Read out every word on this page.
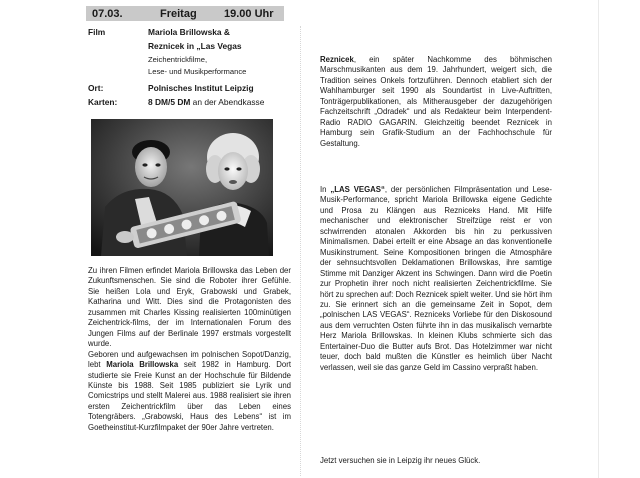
07.03.	Freitag 19.00 Uhr
Film	Mariola Brillowska &
Reznicek in „Las Vegas
Zeichentrickfilme,
Lese- und Musikperformance
Ort:	Polnisches Institut Leipzig
Karten:	8 DM/5 DM an der Abendkasse

Zu ihren Filmen erfindet Mariola Brillowska das Leben der Zukunftsmenschen. Sie sind die Roboter ihrer Gefühle. Sie heißen Lola und Eryk, Grabowski und Grabek, Katharina und Witt. Dies sind die Protagonisten des zusammen mit Charles Kissing realisierten 100minütigen Zeichentrick-films, der im Internationalen Forum des Jungen Films auf der Berlinale 1997 erstmals vorgestellt wurde.

Geboren und aufgewachsen im polnischen Sopot/Danzig, lebt Mariola Brillowska seit 1982 in Hamburg. Dort studierte sie Freie Kunst an der Hochschule für Bildende Künste bis 1988. Seit 1985 publiziert sie Lyrik und Comicstrips und stellt Malerei aus. 1988 realisiert sie ihren ersten Zeichentrickfilm über das Leben eines Totengräbers. „Grabowski, Haus des Lebens“ ist im Goetheinstitut-Kurzfilmpaket der 90er Jahre vertreten.

Reznicek, ein später Nachkomme des böhmischen Marschmusikanten aus dem 19. Jahrhundert, weigert sich, die Tradition seines Onkels fortzuführen. Dennoch etabliert sich der Wahlhamburger seit 1990 als Soundartist in Live-Auftritten, Tonträgerpublikationen, als Mitherausgeber der dazugehörigen Fachzeitschrift „Odradek“ und als Redakteur beim Interpendent-Radio RADIO GAGARIN. Gleichzeitig beendet Reznicek in Hamburg sein Grafik-Studium an der Fachhochschule für Gestaltung.

In „LAS VEGAS“, der persönlichen Filmpräsentation und Lese-Musik-Performance, spricht Mariola Brillowska eigene Gedichte und Prosa zu Klängen aus Rezniceks Hand. Mit Hilfe mechanischer und elektronischer Streifzüge reist er von schwirrenden atonalen Akkorden bis hin zu perkussiven Minimalismen. Dabei erteilt er eine Absage an das konventionelle Musikinstrument. Seine Kompositionen bringen die Atmosphäre der sehnsuchtsvollen Deklamationen Brillowskas, ihre samtige Stimme mit Danziger Akzent ins Schwingen. Dann wird die Poetin zur Prophetin ihrer noch nicht realisierten Zeichentrickfilme. Sie hört zu sprechen auf: Doch Reznicek spielt weiter. Und sie hört ihm zu. Sie erinnert sich an die gemeinsame Zeit in Sopot, dem „polnischen LAS VEGAS“. Rezniceks Vorliebe für den Diskosound aus dem verruchten Osten führte ihn in das musikalisch vernarbte Herz Mariola Brillowskas. In kleinen Klubs schmierte sich das Entertainer-Duo die Butter aufs Brot. Das Hotelzimmer war nicht teuer, doch bald mußten die Künstler es heimlich über Nacht verlassen, weil sie das ganze Geld im Cassino verpraßt haben.

Jetzt versuchen sie in Leipzig ihr neues Glück.
